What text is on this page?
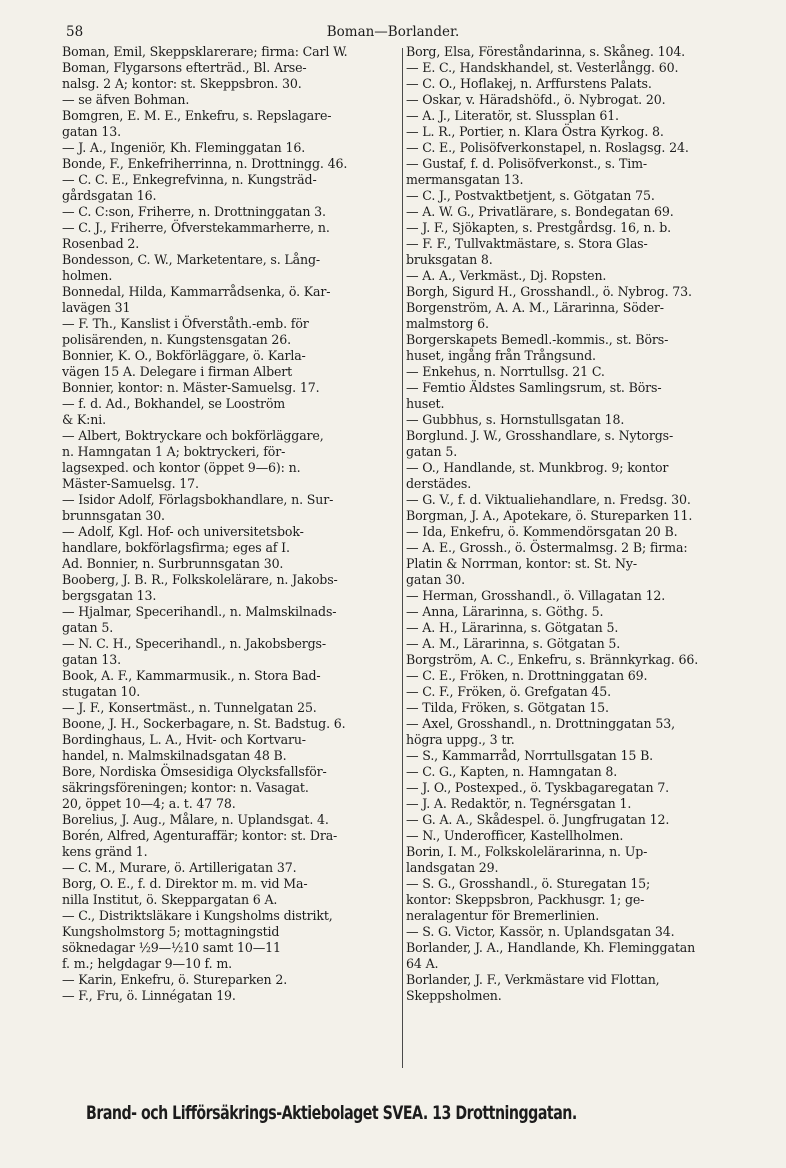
58	Boman—Borlander.
Boman, Emil, Skeppsklarerare; firma: Carl W.
Boman, Flygarsons efterträd., Bl. Arse-
nalsg. 2 A; kontor: st. Skeppsbron. 30.
— se äfven Bohman.
Bomgren, E. M. E., Enkefru, s. Repslagare-
gatan 13.
— J. A., Ingeniör, Kh. Fleminggatan 16.
Bonde, F., Enkefriherrinna, n. Drottningg. 46.
— C. C. E., Enkegrefvinna, n. Kungsträd-
gårdsgatan 16.
— C. C:son, Friherre, n. Drottninggatan 3.
— C. J., Friherre, Öfverstekammarherre, n.
Rosenbad 2.
Bondesson, C. W., Marketentare, s. Lång-
holmen.
Bonnedal, Hilda, Kammarrådsenka, ö. Kar-
lavägen 31
— F. Th., Kanslist i Öfverståth.-emb. för
polisärenden, n. Kungstensgatan 26.
Bonnier, K. O., Bokförläggare, ö. Karla-
vägen 15 A. Delegare i firman Albert
Bonnier, kontor: n. Mäster-Samuelsg. 17.
— f. d. Ad., Bokhandel, se Looström
& K:ni.
— Albert, Boktryckare och bokförläggare,
n. Hamngatan 1 A; boktryckeri, för-
lagsexped. och kontor (öppet 9—6): n.
Mäster-Samuelsg. 17.
— Isidor Adolf, Förlagsbokhandlare, n. Sur-
brunnsgatan 30.
— Adolf, Kgl. Hof- och universitetsbok-
handlare, bokförlagsfirma; eges af I.
Ad. Bonnier, n. Surbrunnsgatan 30.
Booberg, J. B. R., Folkskolelärare, n. Jakobs-
bergsgatan 13.
— Hjalmar, Specerihandl., n. Malmskilnads-
gatan 5.
— N. C. H., Specerihandl., n. Jakobsbergs-
gatan 13.
Book, A. F., Kammarmusik., n. Stora Bad-
stugatan 10.
— J. F., Konsertmäst., n. Tunnelgatan 25.
Boone, J. H., Sockerbagare, n. St. Badstug. 6.
Bordinghaus, L. A., Hvit- och Kortvaru-
handel, n. Malmskilnadsgatan 48 B.
Bore, Nordiska Ömsesidiga Olycksfallsför-
säkringsföreningen; kontor: n. Vasagat.
20, öppet 10—4; a. t. 47 78.
Borelius, J. Aug., Målare, n. Uplandsgat. 4.
Borén, Alfred, Agenturaffär; kontor: st. Dra-
kens gränd 1.
— C. M., Murare, ö. Artillerigatan 37.
Borg, O. E., f. d. Direktor m. m. vid Ma-
nilla Institut, ö. Skeppargatan 6 A.
— C., Distriktsläkare i Kungsholms distrikt,
Kungsholmstorg 5; mottagningstid
söknedagar ½9—½10 samt 10—11
f. m.; helgdagar 9—10 f. m.
— Karin, Enkefru, ö. Stureparken 2.
— F., Fru, ö. Linnégatan 19.
Borg, Elsa, Föreståndarinna, s. Skåneg. 104.
— E. C., Handskhandel, st. Vesterlångg. 60.
— C. O., Hoflakej, n. Arffurstens Palats.
— Oskar, v. Häradshöfd., ö. Nybrogat. 20.
— A. J., Literatör, st. Slussplan 61.
— L. R., Portier, n. Klara Östra Kyrkog. 8.
— C. E., Polisöfverkonstapel, n. Roslagsg. 24.
— Gustaf, f. d. Polisöfverkonst., s. Tim-
mermansgatan 13.
— C. J., Postvaktbetjent, s. Götgatan 75.
— A. W. G., Privatlärare, s. Bondegatan 69.
— J. F., Sjökapten, s. Prestgårdsg. 16, n. b.
— F. F., Tullvaktmästare, s. Stora Glas-
bruksgatan 8.
— A. A., Verkmäst., Dj. Ropsten.
Borgh, Sigurd H., Grosshandl., ö. Nybrog. 73.
Borgenström, A. A. M., Lärarinna, Söder-
malmstorg 6.
Borgerskapets Bemedl.-kommis., st. Börs-
huset, ingång från Trångsund.
— Enkehus, n. Norrtullsg. 21 C.
— Femtio Äldstes Samlingsrum, st. Börs-
huset.
— Gubbhus, s. Hornstullsgatan 18.
Borglund. J. W., Grosshandlare, s. Nytorgs-
gatan 5.
— O., Handlande, st. Munkbrog. 9; kontor
derstädes.
— G. V., f. d. Viktualiehandlare, n. Fredsg. 30.
Borgman, J. A., Apotekare, ö. Stureparken 11.
— Ida, Enkefru, ö. Kommendörsgatan 20 B.
— A. E., Grossh., ö. Östermalmsg. 2 B; firma:
Platin & Norrman, kontor: st. St. Ny-
gatan 30.
— Herman, Grosshandl., ö. Villagatan 12.
— Anna, Lärarinna, s. Göthg. 5.
— A. H., Lärarinna, s. Götgatan 5.
— A. M., Lärarinna, s. Götgatan 5.
Borgström, A. C., Enkefru, s. Brännkyrkag. 66.
— C. E., Fröken, n. Drottninggatan 69.
— C. F., Fröken, ö. Grefgatan 45.
— Tilda, Fröken, s. Götgatan 15.
— Axel, Grosshandl., n. Drottninggatan 53,
högra uppg., 3 tr.
— S., Kammarråd, Norrtullsgatan 15 B.
— C. G., Kapten, n. Hamngatan 8.
— J. O., Postexped., ö. Tyskbagaregatan 7.
— J. A. Redaktör, n. Tegnérsgatan 1.
— G. A. A., Skådespel. ö. Jungfrugatan 12.
— N., Underofficer, Kastellholmen.
Borin, I. M., Folkskolelärarinna, n. Up-
landsgatan 29.
— S. G., Grosshandl., ö. Sturegatan 15;
kontor: Skeppsbron, Packhusgr. 1; ge-
neralagentur för Bremerlinien.
— S. G. Victor, Kassör, n. Uplandsgatan 34.
Borlander, J. A., Handlande, Kh. Fleminggatan
64 A.
Borlander, J. F., Verkmästare vid Flottan,
Skeppsholmen.
Brand- och Lifförsäkrings-Aktiebolaget SVEA. 13 Drottninggatan.
